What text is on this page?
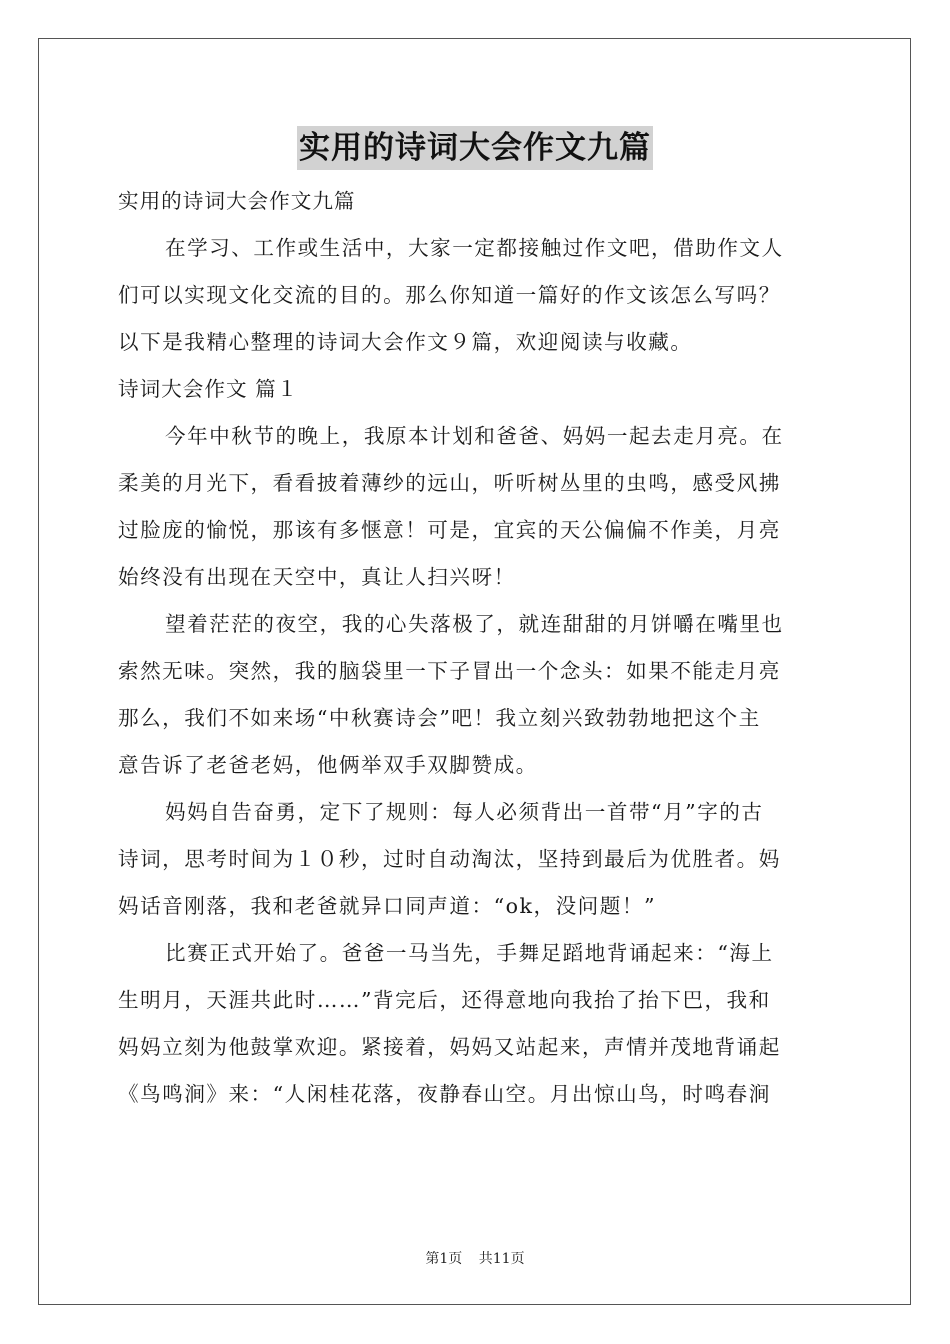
实用的诗词大会作文九篇
实用的诗词大会作文九篇
在学习、工作或生活中，大家一定都接触过作文吧，借助作文人
们可以实现文化交流的目的。那么你知道一篇好的作文该怎么写吗？
以下是我精心整理的诗词大会作文９篇，欢迎阅读与收藏。
诗词大会作文 篇１
今年中秋节的晚上，我原本计划和爸爸、妈妈一起去走月亮。在
柔美的月光下，看看披着薄纱的远山，听听树丛里的虫鸣，感受风拂
过脸庞的愉悦，那该有多惬意！可是，宜宾的天公偏偏不作美，月亮
始终没有出现在天空中，真让人扫兴呀！
望着茫茫的夜空，我的心失落极了，就连甜甜的月饼嚼在嘴里也
索然无味。突然，我的脑袋里一下子冒出一个念头：如果不能走月亮
那么，我们不如来场“中秋赛诗会”吧！我立刻兴致勃勃地把这个主
意告诉了老爸老妈，他俩举双手双脚赞成。
妈妈自告奋勇，定下了规则：每人必须背出一首带“月”字的古
诗词，思考时间为１０秒，过时自动淘汰，坚持到最后为优胜者。妈
妈话音刚落，我和老爸就异口同声道：“ok，没问题！”
比赛正式开始了。爸爸一马当先，手舞足蹈地背诵起来：“海上
生明月，天涯共此时……”背完后，还得意地向我抬了抬下巴，我和
妈妈立刻为他鼓掌欢迎。紧接着，妈妈又站起来，声情并茂地背诵起
《鸟鸣涧》来：“人闲桂花落，夜静春山空。月出惊山鸟，时鸣春涧
第1页 共11页
